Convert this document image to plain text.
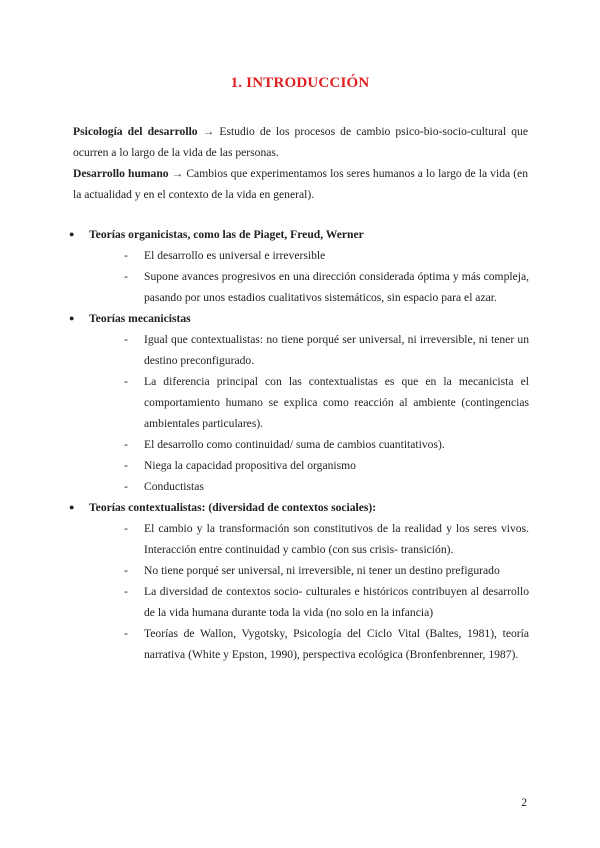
1. INTRODUCCIÓN

Psicología del desarrollo → Estudio de los procesos de cambio psico-bio-socio-cultural que ocurren a lo largo de la vida de las personas.

Desarrollo humano → Cambios que experimentamos los seres humanos a lo largo de la vida (en la actualidad y en el contexto de la vida en general).

● Teorías organicistas, como las de Piaget, Freud, Werner
- El desarrollo es universal e irreversible
- Supone avances progresivos en una dirección considerada óptima y más compleja, pasando por unos estadios cualitativos sistemáticos, sin espacio para el azar.
● Teorías mecanicistas
- Igual que contextualistas: no tiene porqué ser universal, ni irreversible, ni tener un destino preconfigurado.
- La diferencia principal con las contextualistas es que en la mecanicista el comportamiento humano se explica como reacción al ambiente (contingencias ambientales particulares).
- El desarrollo como continuidad/ suma de cambios cuantitativos).
- Niega la capacidad propositiva del organismo
- Conductistas
● Teorías contextualistas: (diversidad de contextos sociales):
- El cambio y la transformación son constitutivos de la realidad y los seres vivos. Interacción entre continuidad y cambio (con sus crisis- transición).
- No tiene porqué ser universal, ni irreversible, ni tener un destino prefigurado
- La diversidad de contextos socio- culturales e históricos contribuyen al desarrollo de la vida humana durante toda la vida (no solo en la infancia)
- Teorías de Wallon, Vygotsky, Psicología del Ciclo Vital (Baltes, 1981), teoría narrativa (White y Epston, 1990), perspectiva ecológica (Bronfenbrenner, 1987).
2
